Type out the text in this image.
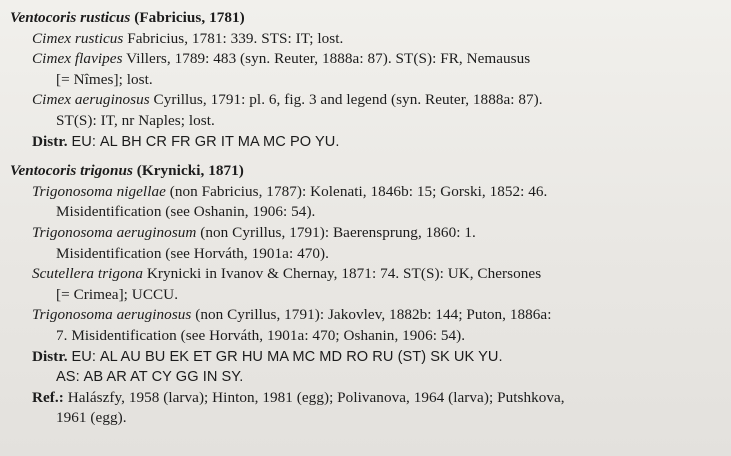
Ventocoris rusticus (Fabricius, 1781)
Cimex rusticus Fabricius, 1781: 339. STS: IT; lost.
Cimex flavipes Villers, 1789: 483 (syn. Reuter, 1888a: 87). ST(S): FR, Nemausus
[= Nîmes]; lost.
Cimex aeruginosus Cyrillus, 1791: pl. 6, fig. 3 and legend (syn. Reuter, 1888a: 87).
ST(S): IT, nr Naples; lost.
Distr. EU: AL BH CR FR GR IT MA MC PO YU.
Ventocoris trigonus (Krynicki, 1871)
Trigonosoma nigellae (non Fabricius, 1787): Kolenati, 1846b: 15; Gorski, 1852: 46.
Misidentification (see Oshanin, 1906: 54).
Trigonosoma aeruginosum (non Cyrillus, 1791): Baerensprung, 1860: 1.
Misidentification (see Horváth, 1901a: 470).
Scutellera trigona Krynicki in Ivanov & Chernay, 1871: 74. ST(S): UK, Chersones
[= Crimea]; UCCU.
Trigonosoma aeruginosus (non Cyrillus, 1791): Jakovlev, 1882b: 144; Puton, 1886a:
7. Misidentification (see Horváth, 1901a: 470; Oshanin, 1906: 54).
Distr. EU: AL AU BU EK ET GR HU MA MC MD RO RU (ST) SK UK YU.
AS: AB AR AT CY GG IN SY.
Ref.: Halászfy, 1958 (larva); Hinton, 1981 (egg); Polivanova, 1964 (larva); Putshkova,
1961 (egg).
